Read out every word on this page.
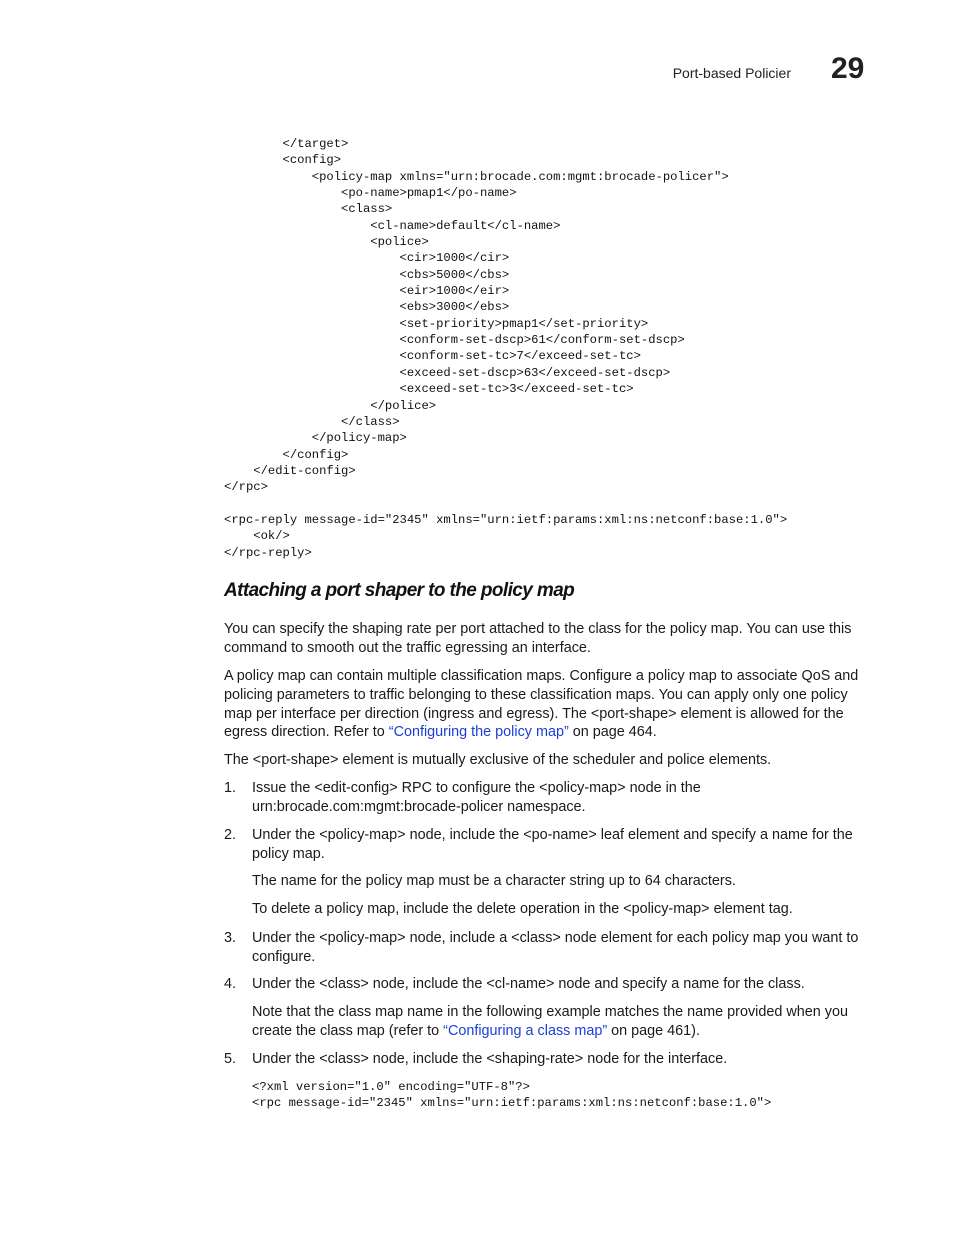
Port-based Policier 29
</target>
<config>
<policy-map xmlns="urn:brocade.com:mgmt:brocade-policer">
<po-name>pmap1</po-name>
<class>
<cl-name>default</cl-name>
<police>
<cir>1000</cir>
<cbs>5000</cbs>
<eir>1000</eir>
<ebs>3000</ebs>
<set-priority>pmap1</set-priority>
<conform-set-dscp>61</conform-set-dscp>
<conform-set-tc>7</exceed-set-tc>
<exceed-set-dscp>63</exceed-set-dscp>
<exceed-set-tc>3</exceed-set-tc>
</police>
</class>
</policy-map>
</config>
</edit-config>
</rpc>
<rpc-reply message-id="2345" xmlns="urn:ietf:params:xml:ns:netconf:base:1.0">
<ok/>
</rpc-reply>
Attaching a port shaper to the policy map

You can specify the shaping rate per port attached to the class for the policy map. You can use this command to smooth out the traffic egressing an interface.

A policy map can contain multiple classification maps. Configure a policy map to associate QoS and policing parameters to traffic belonging to these classification maps. You can apply only one policy map per interface per direction (ingress and egress). The <port-shape> element is allowed for the egress direction. Refer to “Configuring the policy map” on page 464.

The <port-shape> element is mutually exclusive of the scheduler and police elements.

1. Issue the <edit-config> RPC to configure the <policy-map> node in the urn:brocade.com:mgmt:brocade-policer namespace.

2. Under the <policy-map> node, include the <po-name> leaf element and specify a name for the policy map.

The name for the policy map must be a character string up to 64 characters.

To delete a policy map, include the delete operation in the <policy-map> element tag.

3. Under the <policy-map> node, include a <class> node element for each policy map you want to configure.

4. Under the <class> node, include the <cl-name> node and specify a name for the class.

Note that the class map name in the following example matches the name provided when you create the class map (refer to “Configuring a class map” on page 461).

5. Under the <class> node, include the <shaping-rate> node for the interface.

<?xml version="1.0" encoding="UTF-8"?>
<rpc message-id="2345" xmlns="urn:ietf:params:xml:ns:netconf:base:1.0">
